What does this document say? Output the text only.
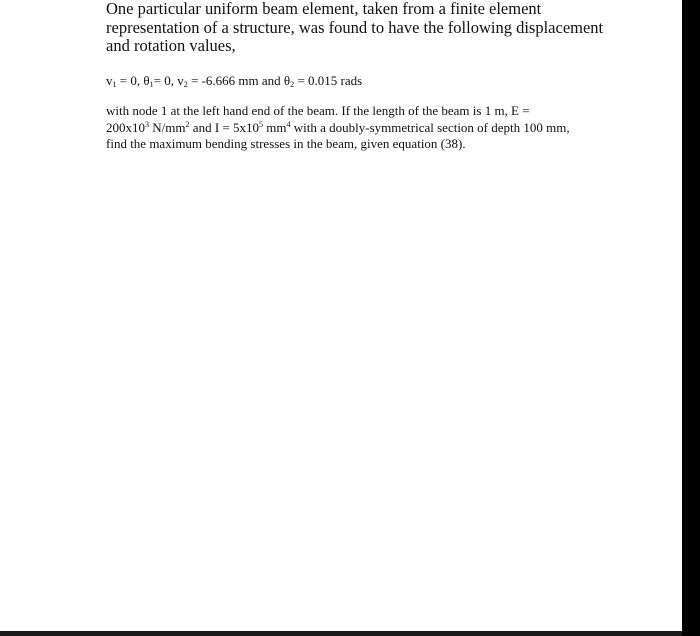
One particular uniform beam element, taken from a finite element
representation of a structure, was found to have the following displacement
and rotation values,

$v_1 = 0$, $\theta_1= 0$, $v_2 = -6.666$ mm and $\theta_2 = 0.015$ rads

with node 1 at the left hand end of the beam. If the length of the beam is 1 m, E =
$200x10^3$ $N/mm^2$ and $I = 5x10^5$ $mm^4$ with a doubly-symmetrical section of depth 100 mm,
find the maximum bending stresses in the beam, given equation (38).
